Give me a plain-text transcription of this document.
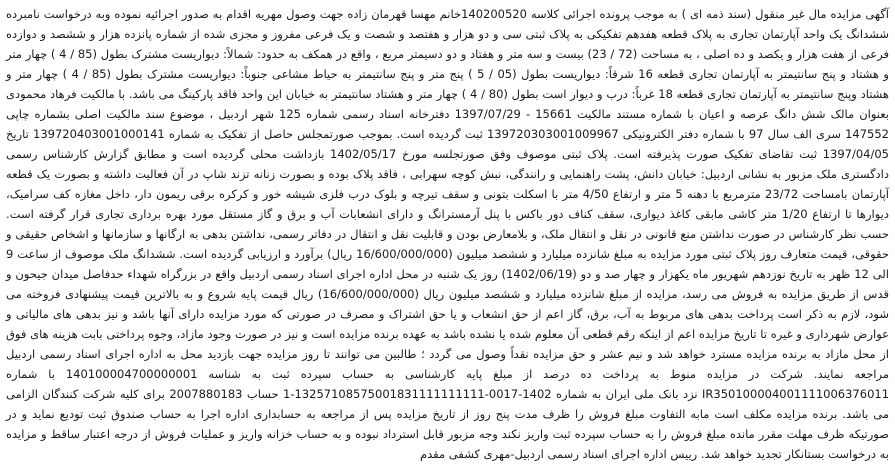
آگهی مزایده مال غیر منقول (سند ذمه ای ) به موجب پرونده اجرائی کلاسه 140200520خانم مهسا قهرمان زاده جهت وصول مهریه اقدام به صدور اجرائیه نموده وبه درخواست نامبرده ششدانگ یک واحد آپارتمان تجاری به پلاک قطعه هفدهم تفکیکی به پلاک ثبتی سی و دو هزار و هفتصد و شصت و یک فرعی مفروز و مجزی شده از شماره پانزده هزار و ششصد و دوازده فرعی از هفت هزار و یکصد و ده اصلی ، به مساحت (72 / 23) بیست و سه متر و هفتاد و دو دسیمتر مربع ، واقع در همکف به حدود: شمالاً: دیواریست مشترک بطول (85 / 4 ) چهار متر و هشتاد و پنج سانتیمتر به آپارتمان تجاری قطعه 16 شرقاً: دیواریست بطول (05 / 5 ) پنج متر و پنج سانتیمتر به حیاط مشاعی جنوباً: دیواریست مشترک بطول (85 / 4 ) چهار متر و هشتاد وپنج سانتیمتر به آپارتمان تجاری قطعه 18 غرباً: درب و دیوار است بطول (80 / 4 ) چهار متر و هشتاد سانتیمتر به خیابان این واحد فاقد پارکینگ می باشد. با مالکیت فرهاد محمودی بعنوان مالک شش دانگ عرصه و اعیان با شماره مستند مالکیت 15661 - 1397/07/29 دفترخانه اسناد رسمی شماره 125 شهر اردبیل ، موضوع سند مالکیت اصلی بشماره چاپی 147552 سری الف سال 97 با شماره دفتر الکترونیکی 139720303001009967 ثبت گردیده است. بموجب صورتمجلس حاصل از تفکیک به شماره 139720403001000141 تاریخ 1397/04/05 ثبت تقاضای تفکیک صورت پذیرفته است. پلاک ثبتی موصوف وفق صورتجلسه مورخ 1402/05/17 بازداشت محلی گردیده است و مطابق گزارش کارشناس رسمی دادگستری ملک مزبور به نشانی اردبیل: خیابان دانش، پشت راهنمایی و رانندگی، نبش کوچه سهرابی ، فاقد پلاک بوده و بصورت زنانه تزند شاپ در آن فعالیت داشته و بصورت یک قطعه آپارتمان بامساحت 23/72 مترمربع با دهنه 5 متر و ارتفاع 4/50 متر با اسکلت بتونی و سقف تیرچه و بلوک درب فلزی شیشه خور و کرکره برقی ریمون دار، داخل مغازه کف سرامیک، دیوارها تا ارتفاع 1/20 متر کاشی مابقی کاغذ دیواری، سقف کناف دور باکس با پنل آرمسترانگ و دارای انشعابات آب و برق و گاز مستقل مورد بهره برداری تجاری قرار گرفته است. حسب نظر کارشناس در صورت نداشتن منع قانونی در نقل و انتقال ملک، و بلامعارض بودن و قابلیت نقل و انتقال در دفاتر رسمی، نداشتن بدهی به ارگانها و سازمانها و اشخاص حقیقی و حقوقی، قیمت متعارف روز پلاک ثبتی مورد مزایده به مبلغ شانزده میلیارد و ششصد میلیون (16/600/000/000 ریال) برآورد و ارزیابی گردیده است. ششدانگ ملک موصوف از ساعت 9 الی 12 ظهر به تاریخ نوزدهم شهریور ماه یکهزار و چهار صد و دو (1402/06/19) روز یک شنبه در محل اداره اجرای اسناد رسمی اردبیل واقع در بزرگراه شهداء حدفاصل میدان جیحون و قدس از طریق مزایده به فروش می رسد، مزایده از مبلغ شانزده میلیارد و ششصد میلیون ریال (16/600/000/000) ریال قیمت پایه شروع و به بالاترین قیمت پیشنهادی فروخته می شود، لازم به ذکر است پرداخت بدهی های مربوط به آب، برق، گاز اعم از حق انشعاب و یا حق اشتراک و مصرف در صورتی که مورد مزایده دارای آنها باشد و نیز بدهی های مالیاتی و عوارض شهرداری و غیره تا تاریخ مزایده اعم از اینکه رقم قطعی آن معلوم شده یا نشده باشد به عهده برنده مزایده است و نیز در صورت وجود مازاد، وجوه پرداختی بابت هزینه های فوق از محل مازاد به برنده مزایده مسترد خواهد شد و نیم عشر و حق مزایده نقداً وصول می گردد ؛ طالبین می توانند تا روز مزایده جهت بازدید محل به اداره اجرای اسناد رسمی اردبیل مراجعه نمایند. شرکت در مزایده منوط به پرداخت ده درصد از مبلغ پایه کارشناسی به حساب سپرده ثبت به شناسه 140100004700000001 با شماره IR350100004001111006376011 نزد بانک ملی ایران به شماره 1402-0017-13257108575001831111111111-1 حساب 2007880183 برای کلیه شرکت کنندگان الزامی می باشد. برنده مزایده مکلف است مابه التفاوت مبلغ فروش را ظرف مدت پنج روز از تاریخ مزایده پس از مراجعه به حسابداری اداره اجرا به حساب صندوق ثبت تودیع نماید و در صورتیکه ظرف مهلت مقرر مانده مبلغ فروش را به حساب سپرده ثبت واریز نکند وجه مزبور قابل استرداد نبوده و به حساب خزانه واریز و عملیات فروش از درجه اعتبار ساقط و مزایده به درخواست بستانکار تجدید خواهد شد. رییس اداره اجرای اسناد رسمی اردبیل-مهری کشفی مقدم
